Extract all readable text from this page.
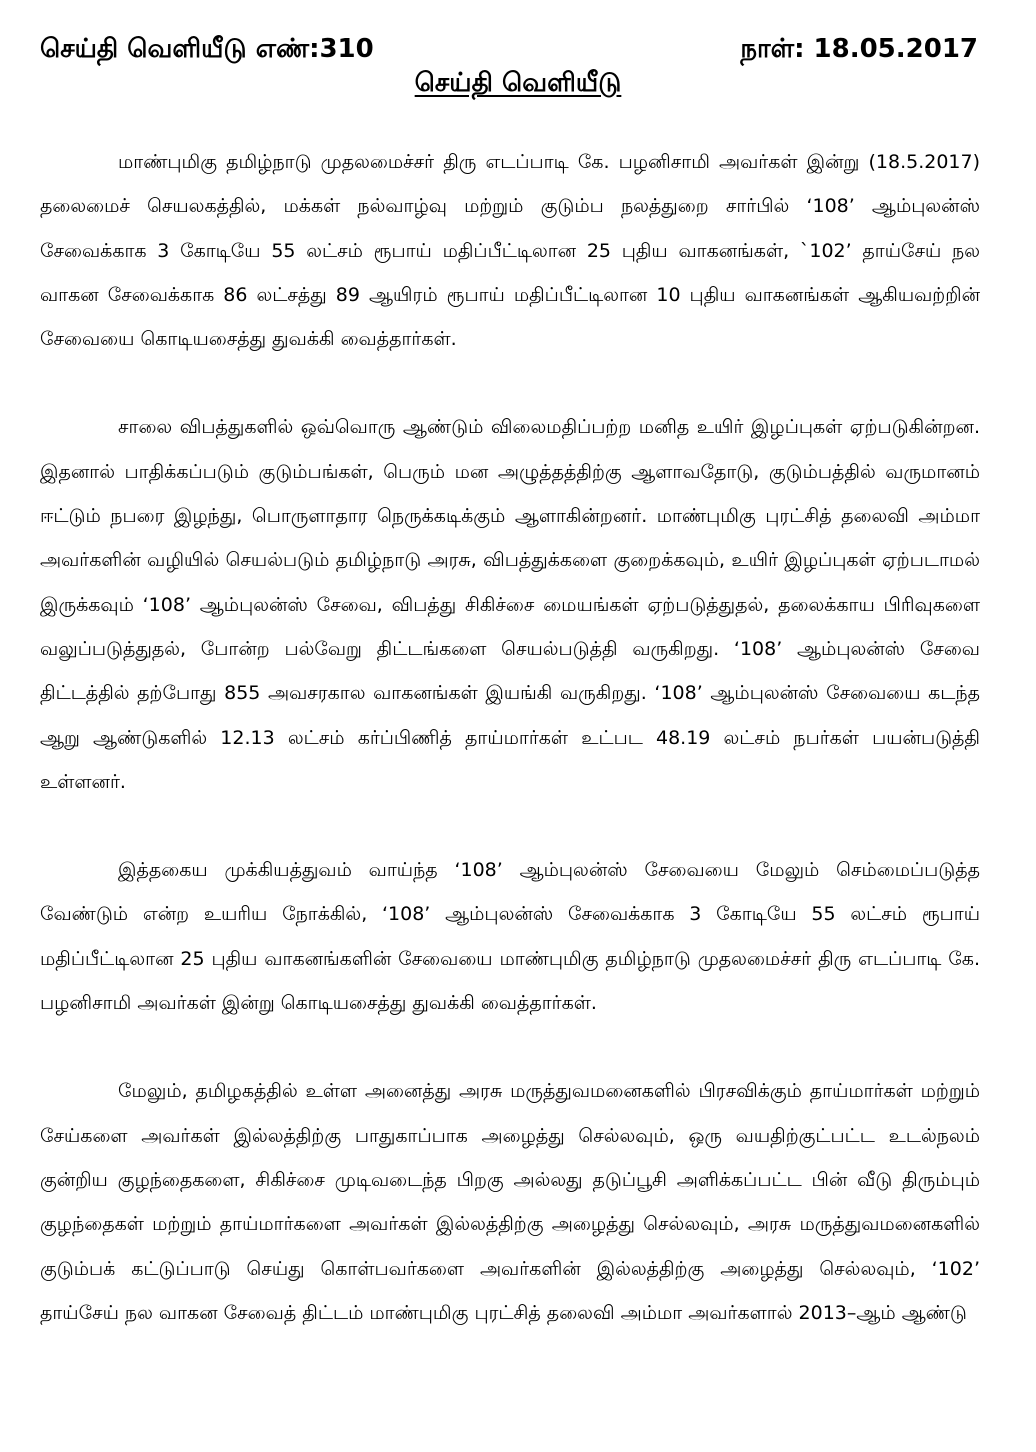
செய்தி வெளியீடு எண்:310	நாள்: 18.05.2017
செய்தி வெளியீடு

மாண்புமிகு தமிழ்நாடு முதலமைச்சர் திரு எடப்பாடி கே. பழனிசாமி அவர்கள் இன்று (18.5.2017) தலைமைச் செயலகத்தில், மக்கள் நல்வாழ்வு மற்றும் குடும்ப நலத்துறை சார்பில் ‘108’ ஆம்புலன்ஸ் சேவைக்காக 3 கோடியே 55 லட்சம் ரூபாய் மதிப்பீட்டிலான 25 புதிய வாகனங்கள், `102’ தாய்சேய் நல வாகன சேவைக்காக 86 லட்சத்து 89 ஆயிரம் ரூபாய் மதிப்பீட்டிலான 10 புதிய வாகனங்கள் ஆகியவற்றின் சேவையை கொடியசைத்து துவக்கி வைத்தார்கள்.

சாலை விபத்துகளில் ஒவ்வொரு ஆண்டும் விலைமதிப்பற்ற மனித உயிர் இழப்புகள் ஏற்படுகின்றன. இதனால் பாதிக்கப்படும் குடும்பங்கள், பெரும் மன அழுத்தத்திற்கு ஆளாவதோடு, குடும்பத்தில் வருமானம் ஈட்டும் நபரை இழந்து, பொருளாதார நெருக்கடிக்கும் ஆளாகின்றனர். மாண்புமிகு புரட்சித் தலைவி அம்மா அவர்களின் வழியில் செயல்படும் தமிழ்நாடு அரசு, விபத்துக்களை குறைக்கவும், உயிர் இழப்புகள் ஏற்படாமல் இருக்கவும் ‘108’ ஆம்புலன்ஸ் சேவை, விபத்து சிகிச்சை மையங்கள் ஏற்படுத்துதல், தலைக்காய பிரிவுகளை வலுப்படுத்துதல், போன்ற பல்வேறு திட்டங்களை செயல்படுத்தி வருகிறது. ‘108’ ஆம்புலன்ஸ் சேவை திட்டத்தில் தற்போது 855 அவசரகால வாகனங்கள் இயங்கி வருகிறது. ‘108’ ஆம்புலன்ஸ் சேவையை கடந்த ஆறு ஆண்டுகளில் 12.13 லட்சம் கர்ப்பிணித் தாய்மார்கள் உட்பட 48.19 லட்சம் நபர்கள் பயன்படுத்தி உள்ளனர்.

இத்தகைய முக்கியத்துவம் வாய்ந்த ‘108’ ஆம்புலன்ஸ் சேவையை மேலும் செம்மைப்படுத்த வேண்டும் என்ற உயரிய நோக்கில், ‘108’ ஆம்புலன்ஸ் சேவைக்காக 3 கோடியே 55 லட்சம் ரூபாய் மதிப்பீட்டிலான 25 புதிய வாகனங்களின் சேவையை மாண்புமிகு தமிழ்நாடு முதலமைச்சர் திரு எடப்பாடி கே. பழனிசாமி அவர்கள் இன்று கொடியசைத்து துவக்கி வைத்தார்கள்.

மேலும், தமிழகத்தில் உள்ள அனைத்து அரசு மருத்துவமனைகளில் பிரசவிக்கும் தாய்மார்கள் மற்றும் சேய்களை அவர்கள் இல்லத்திற்கு பாதுகாப்பாக அழைத்து செல்லவும், ஒரு வயதிற்குட்பட்ட உடல்நலம் குன்றிய குழந்தைகளை, சிகிச்சை முடிவடைந்த பிறகு அல்லது தடுப்பூசி அளிக்கப்பட்ட பின் வீடு திரும்பும் குழந்தைகள் மற்றும் தாய்மார்களை அவர்கள் இல்லத்திற்கு அழைத்து செல்லவும், அரசு மருத்துவமனைகளில் குடும்பக் கட்டுப்பாடு செய்து கொள்பவர்களை அவர்களின் இல்லத்திற்கு அழைத்து செல்லவும், ‘102’ தாய்சேய் நல வாகன சேவைத் திட்டம் மாண்புமிகு புரட்சித் தலைவி அம்மா அவர்களால் 2013–ஆம் ஆண்டு
